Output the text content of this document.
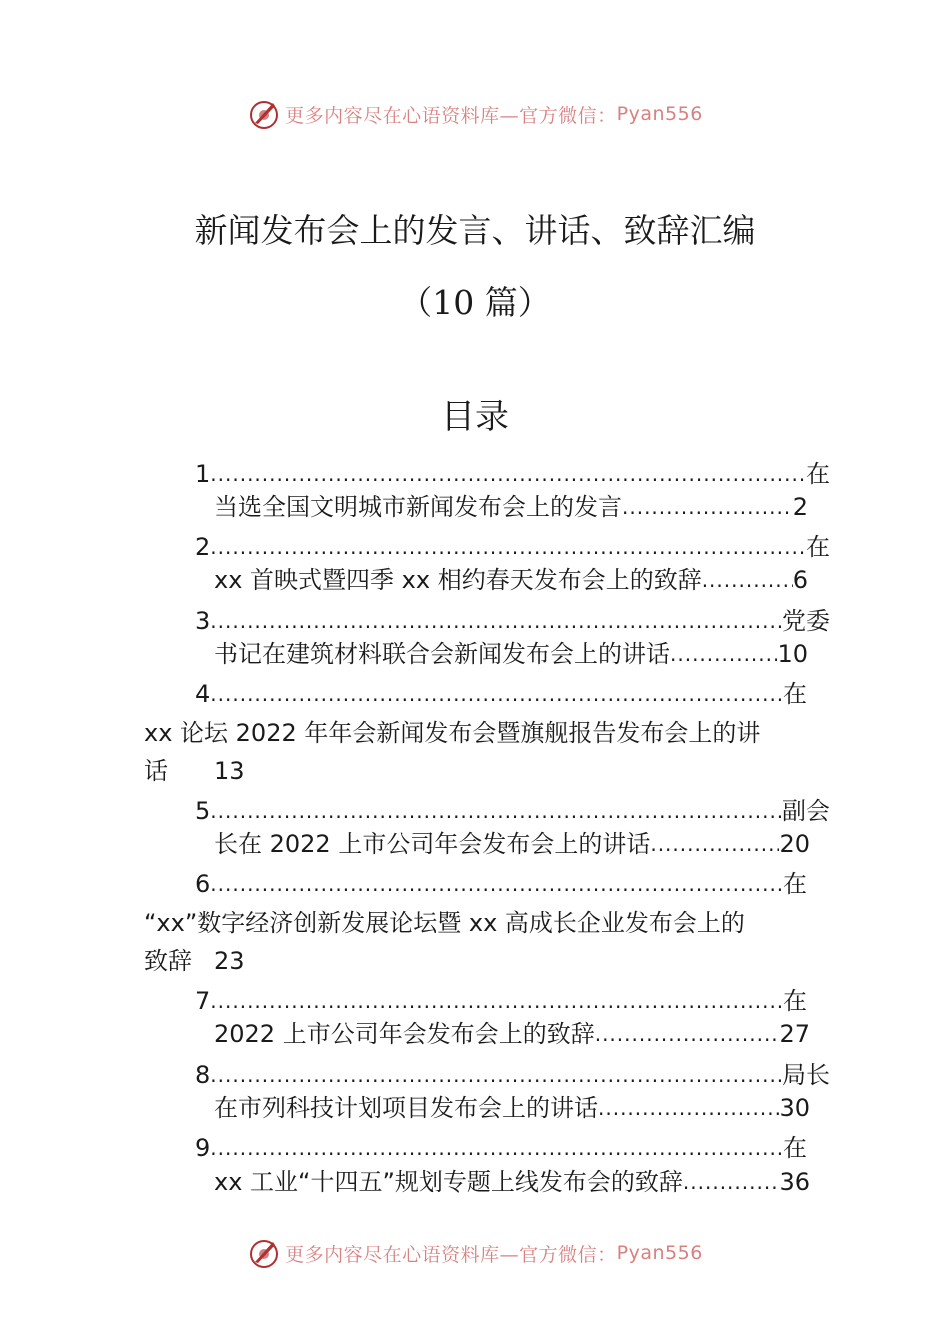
更多内容尽在心语资料库—官方微信： Pyan556
新闻发布会上的发言、讲话、致辞汇编
（10 篇）
目录
1 .....	在
当选全国文明城市新闻发布会上的发言 .....	2
2 .....	在
xx 首映式暨四季 xx 相约春天发布会上的致辞 .....	6
3 .....	党委
书记在建筑材料联合会新闻发布会上的讲话 .....	10
4 .....	在
xx 论坛 2022 年年会新闻发布会暨旗舰报告发布会上的讲
话 13
5 .....	副会
长在 2022 上市公司年会发布会上的讲话 .....	20
6 .....	在
“xx”数字经济创新发展论坛暨 xx 高成长企业发布会上的
致辞 23
7 .....	在
2022 上市公司年会发布会上的致辞 .....	27
8 .....	局长
在市列科技计划项目发布会上的讲话 .....	30
9 .....	在
xx 工业“十四五”规划专题上线发布会的致辞 .....	36
更多内容尽在心语资料库—官方微信： Pyan556
